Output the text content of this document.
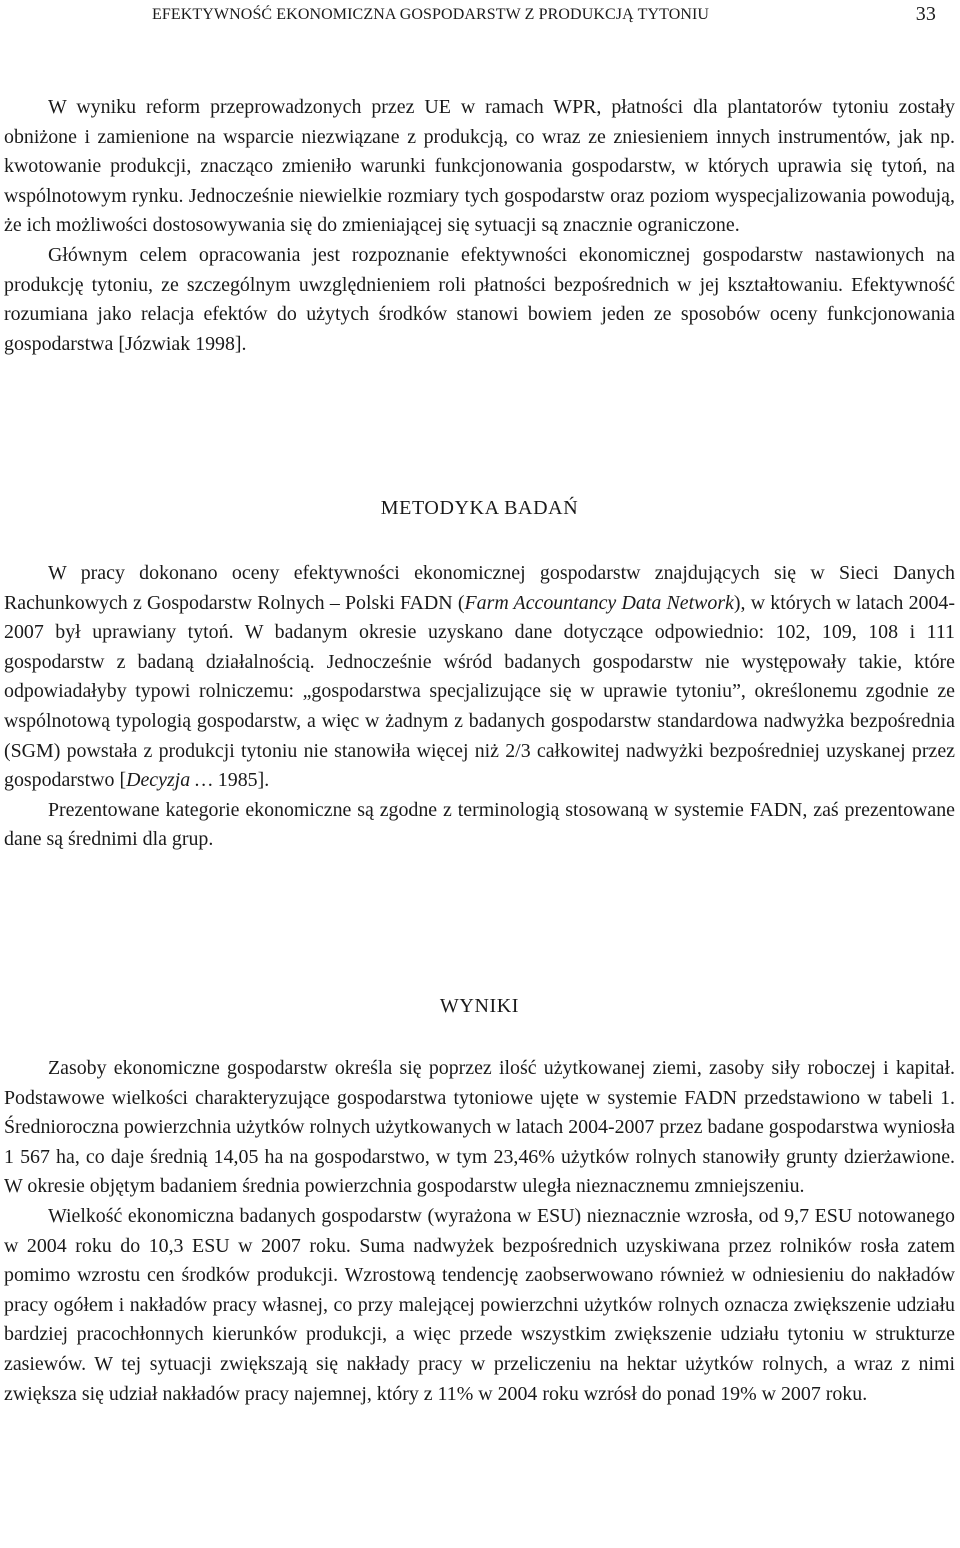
EFEKTYWNOŚĆ EKONOMICZNA GOSPODARSTW Z PRODUKCJĄ TYTONIU	33

W wyniku reform przeprowadzonych przez UE w ramach WPR, płatności dla plantatorów tytoniu zostały obniżone i zamienione na wsparcie niezwiązane z produkcją, co wraz ze zniesieniem innych instrumentów, jak np. kwotowanie produkcji, znacząco zmieniło warunki funkcjonowania gospodarstw, w których uprawia się tytoń, na wspólnotowym rynku. Jednocześnie niewielkie rozmiary tych gospodarstw oraz poziom wyspecjalizowania powodują, że ich możliwości dostosowywania się do zmieniającej się sytuacji są znacznie ograniczone.

Głównym celem opracowania jest rozpoznanie efektywności ekonomicznej gospodarstw nastawionych na produkcję tytoniu, ze szczególnym uwzględnieniem roli płatności bezpośrednich w jej kształtowaniu. Efektywność rozumiana jako relacja efektów do użytych środków stanowi bowiem jeden ze sposobów oceny funkcjonowania gospodarstwa [Józwiak 1998].

METODYKA BADAŃ

W pracy dokonano oceny efektywności ekonomicznej gospodarstw znajdujących się w Sieci Danych Rachunkowych z Gospodarstw Rolnych – Polski FADN (Farm Accountancy Data Network), w których w latach 2004-2007 był uprawiany tytoń. W badanym okresie uzyskano dane dotyczące odpowiednio: 102, 109, 108 i 111 gospodarstw z badaną działalnością. Jednocześnie wśród badanych gospodarstw nie występowały takie, które odpowiadałyby typowi rolniczemu: „gospodarstwa specjalizujące się w uprawie tytoniu”, określonemu zgodnie ze wspólnotową typologią gospodarstw, a więc w żadnym z badanych gospodarstw standardowa nadwyżka bezpośrednia (SGM) powstała z produkcji tytoniu nie stanowiła więcej niż 2/3 całkowitej nadwyżki bezpośredniej uzyskanej przez gospodarstwo [Decyzja … 1985].

Prezentowane kategorie ekonomiczne są zgodne z terminologią stosowaną w systemie FADN, zaś prezentowane dane są średnimi dla grup.

WYNIKI

Zasoby ekonomiczne gospodarstw określa się poprzez ilość użytkowanej ziemi, zasoby siły roboczej i kapitał. Podstawowe wielkości charakteryzujące gospodarstwa tytoniowe ujęte w systemie FADN przedstawiono w tabeli 1. Średnioroczna powierzchnia użytków rolnych użytkowanych w latach 2004-2007 przez badane gospodarstwa wyniosła 1 567 ha, co daje średnią 14,05 ha na gospodarstwo, w tym 23,46% użytków rolnych stanowiły grunty dzierżawione. W okresie objętym badaniem średnia powierzchnia gospodarstw uległa nieznacznemu zmniejszeniu.

Wielkość ekonomiczna badanych gospodarstw (wyrażona w ESU) nieznacznie wzrosła, od 9,7 ESU notowanego w 2004 roku do 10,3 ESU w 2007 roku. Suma nadwyżek bezpośrednich uzyskiwana przez rolników rosła zatem pomimo wzrostu cen środków produkcji. Wzrostową tendencję zaobserwowano również w odniesieniu do nakładów pracy ogółem i nakładów pracy własnej, co przy malejącej powierzchni użytków rolnych oznacza zwiększenie udziału bardziej pracochłonnych kierunków produkcji, a więc przede wszystkim zwiększenie udziału tytoniu w strukturze zasiewów. W tej sytuacji zwiększają się nakłady pracy w przeliczeniu na hektar użytków rolnych, a wraz z nimi zwiększa się udział nakładów pracy najemnej, który z 11% w 2004 roku wzrósł do ponad 19% w 2007 roku.
